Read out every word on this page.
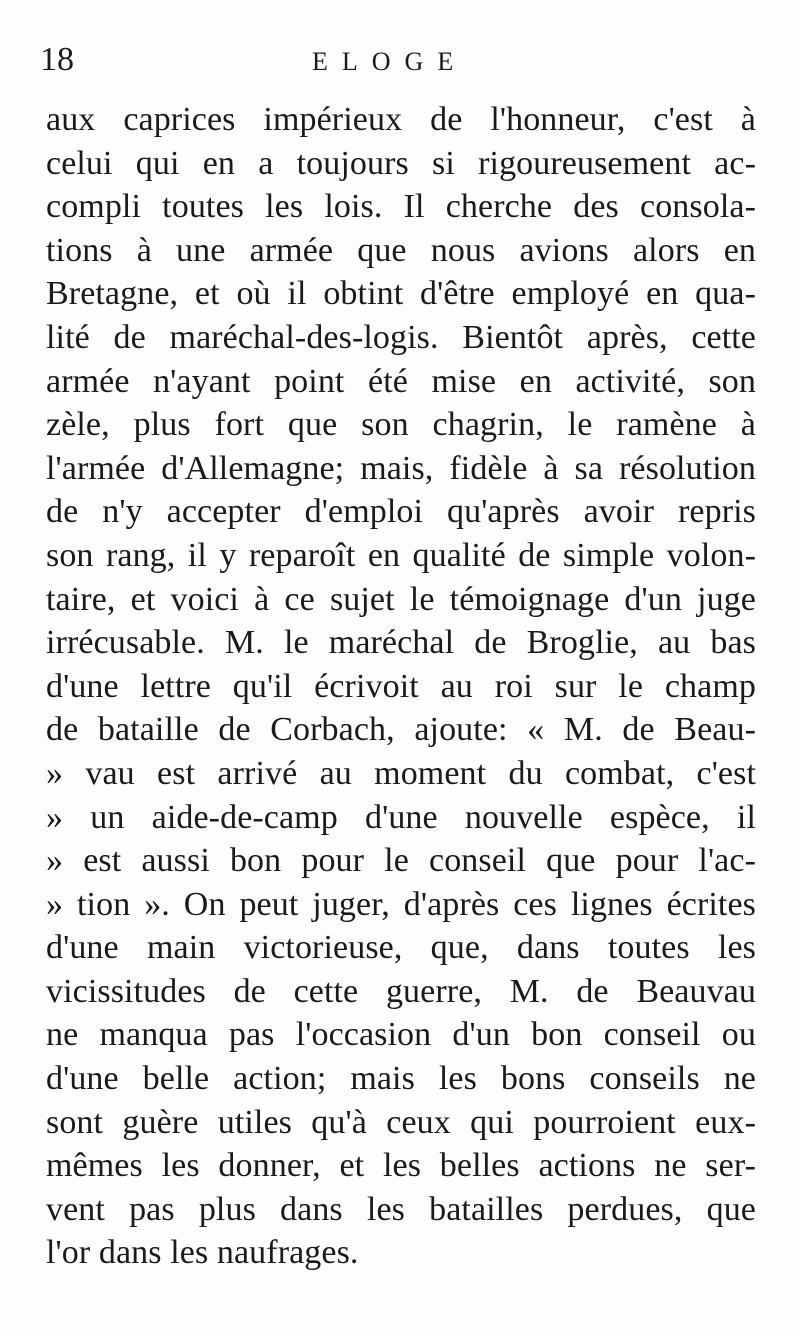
18	ELOGE
aux caprices impérieux de l'honneur, c'est à
celui qui en a toujours si rigoureusement ac-
compli toutes les lois. Il cherche des consola-
tions à une armée que nous avions alors en
Bretagne, et où il obtint d'être employé en qua-
lité de maréchal-des-logis. Bientôt après, cette
armée n'ayant point été mise en activité, son
zèle, plus fort que son chagrin, le ramène à
l'armée d'Allemagne; mais, fidèle à sa résolution
de n'y accepter d'emploi qu'après avoir repris
son rang, il y reparoît en qualité de simple volon-
taire, et voici à ce sujet le témoignage d'un juge
irrécusable. M. le maréchal de Broglie, au bas
d'une lettre qu'il écrivoit au roi sur le champ
de bataille de Corbach, ajoute: « M. de Beau-
» vau est arrivé au moment du combat, c'est
» un aide-de-camp d'une nouvelle espèce, il
» est aussi bon pour le conseil que pour l'ac-
» tion ». On peut juger, d'après ces lignes écrites
d'une main victorieuse, que, dans toutes les
vicissitudes de cette guerre, M. de Beauvau
ne manqua pas l'occasion d'un bon conseil ou
d'une belle action; mais les bons conseils ne
sont guère utiles qu'à ceux qui pourroient eux-
mêmes les donner, et les belles actions ne ser-
vent pas plus dans les batailles perdues, que
l'or dans les naufrages.
